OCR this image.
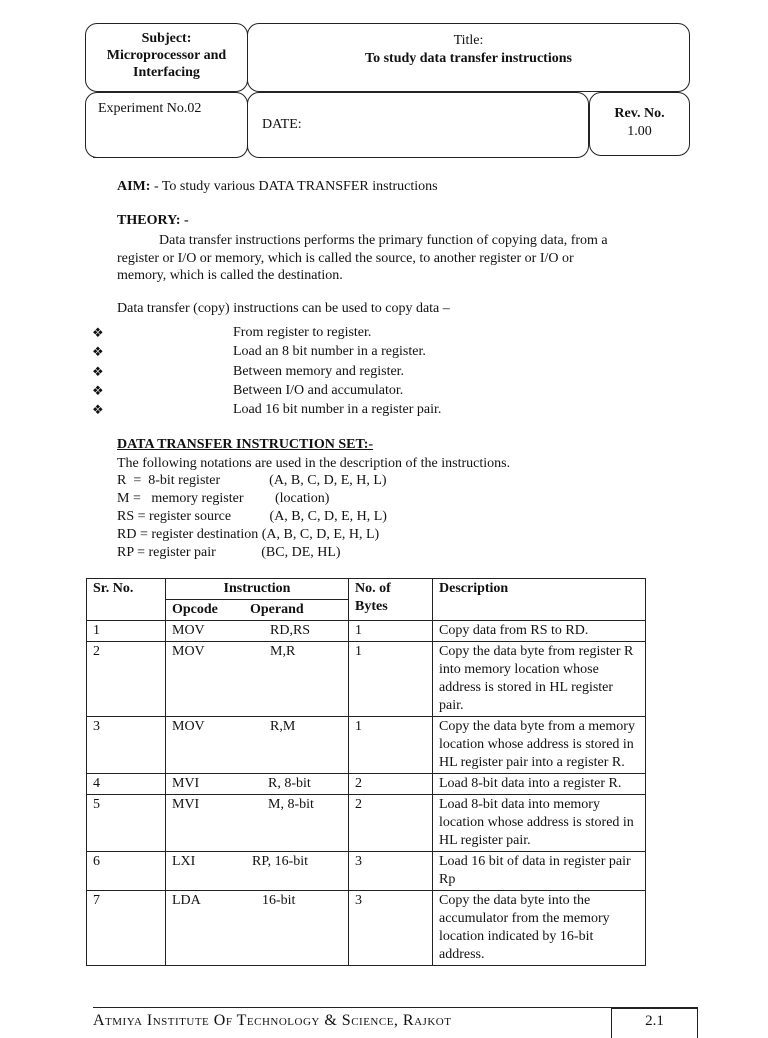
Subject:
Microprocessor and
Interfacing
Title:
To study data transfer instructions
Experiment No.02
DATE:
Rev. No.
1.00
AIM: - To study various DATA TRANSFER instructions
THEORY: -
Data transfer instructions performs the primary function of copying data, from a
register or I/O or memory, which is called the source, to another register or I/O or
memory, which is called the destination.
Data transfer (copy) instructions can be used to copy data –
❖	From register to register.
❖	Load an 8 bit number in a register.
❖	Between memory and register.
❖	Between I/O and accumulator.
❖	Load 16 bit number in a register pair.
DATA TRANSFER INSTRUCTION SET:-
The following notations are used in the description of the instructions.
R  =  8-bit register              (A, B, C, D, E, H, L)
M =   memory register         (location)
RS = register source           (A, B, C, D, E, H, L)
RD = register destination (A, B, C, D, E, H, L)
RP = register pair             (BC, DE, HL)
Sr. No.	Instruction	No. of
Bytes	Description
	Opcode Operand		
1	MOV RD,RS	1	Copy data from RS to RD.
2	MOV M,R	1	Copy the data byte from register R into memory location whose address is stored in HL register pair.
3	MOV R,M	1	Copy the data byte from a memory location whose address is stored in HL register pair into a register R.
4	MVI R, 8-bit	2	Load 8-bit data into a register R.
5	MVI M, 8-bit	2	Load 8-bit data into memory location whose address is stored in HL register pair.
6	LXI RP, 16-bit	3	Load 16 bit of data in register pair Rp
7	LDA 16-bit	3	Copy the data byte into the accumulator from the memory location indicated by 16-bit address.
Atmiya Institute Of Technology & Science, Rajkot	2.1
